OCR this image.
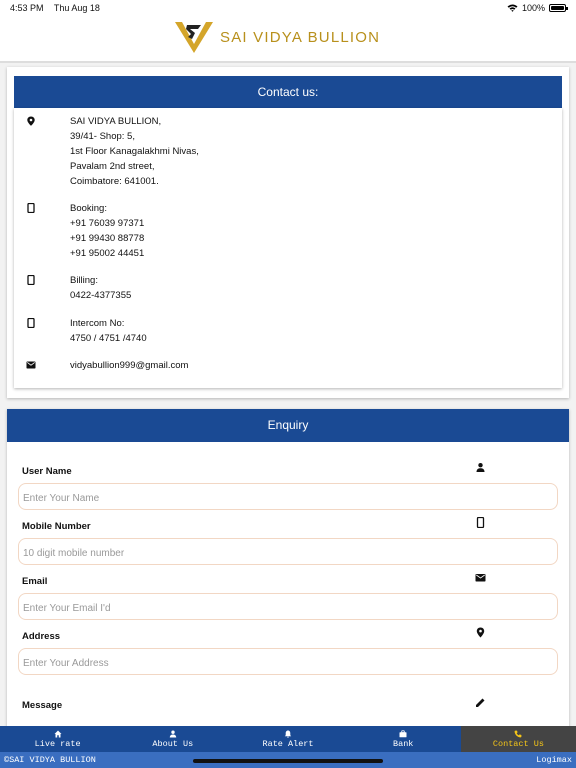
4:53 PM Thu Aug 18	100%
SAI VIDYA BULLION
Contact us:
SAI VIDYA BULLION,
39/41- Shop: 5,
1st Floor Kanagalakhmi Nivas,
Pavalam 2nd street,
Coimbatore: 641001.
Booking:
+91 76039 97371
+91 99430 88778
+91 95002 44451
Billing:
0422-4377355
Intercom No:
4750 / 4751 /4740
vidyabullion999@gmail.com
Enquiry
User Name
Enter Your Name
Mobile Number
10 digit mobile number
Email
Enter Your Email I'd
Address
Enter Your Address
Message
Live rate	About Us	Rate Alert	Bank	Contact Us
©SAI VIDYA BULLION	Logimax
